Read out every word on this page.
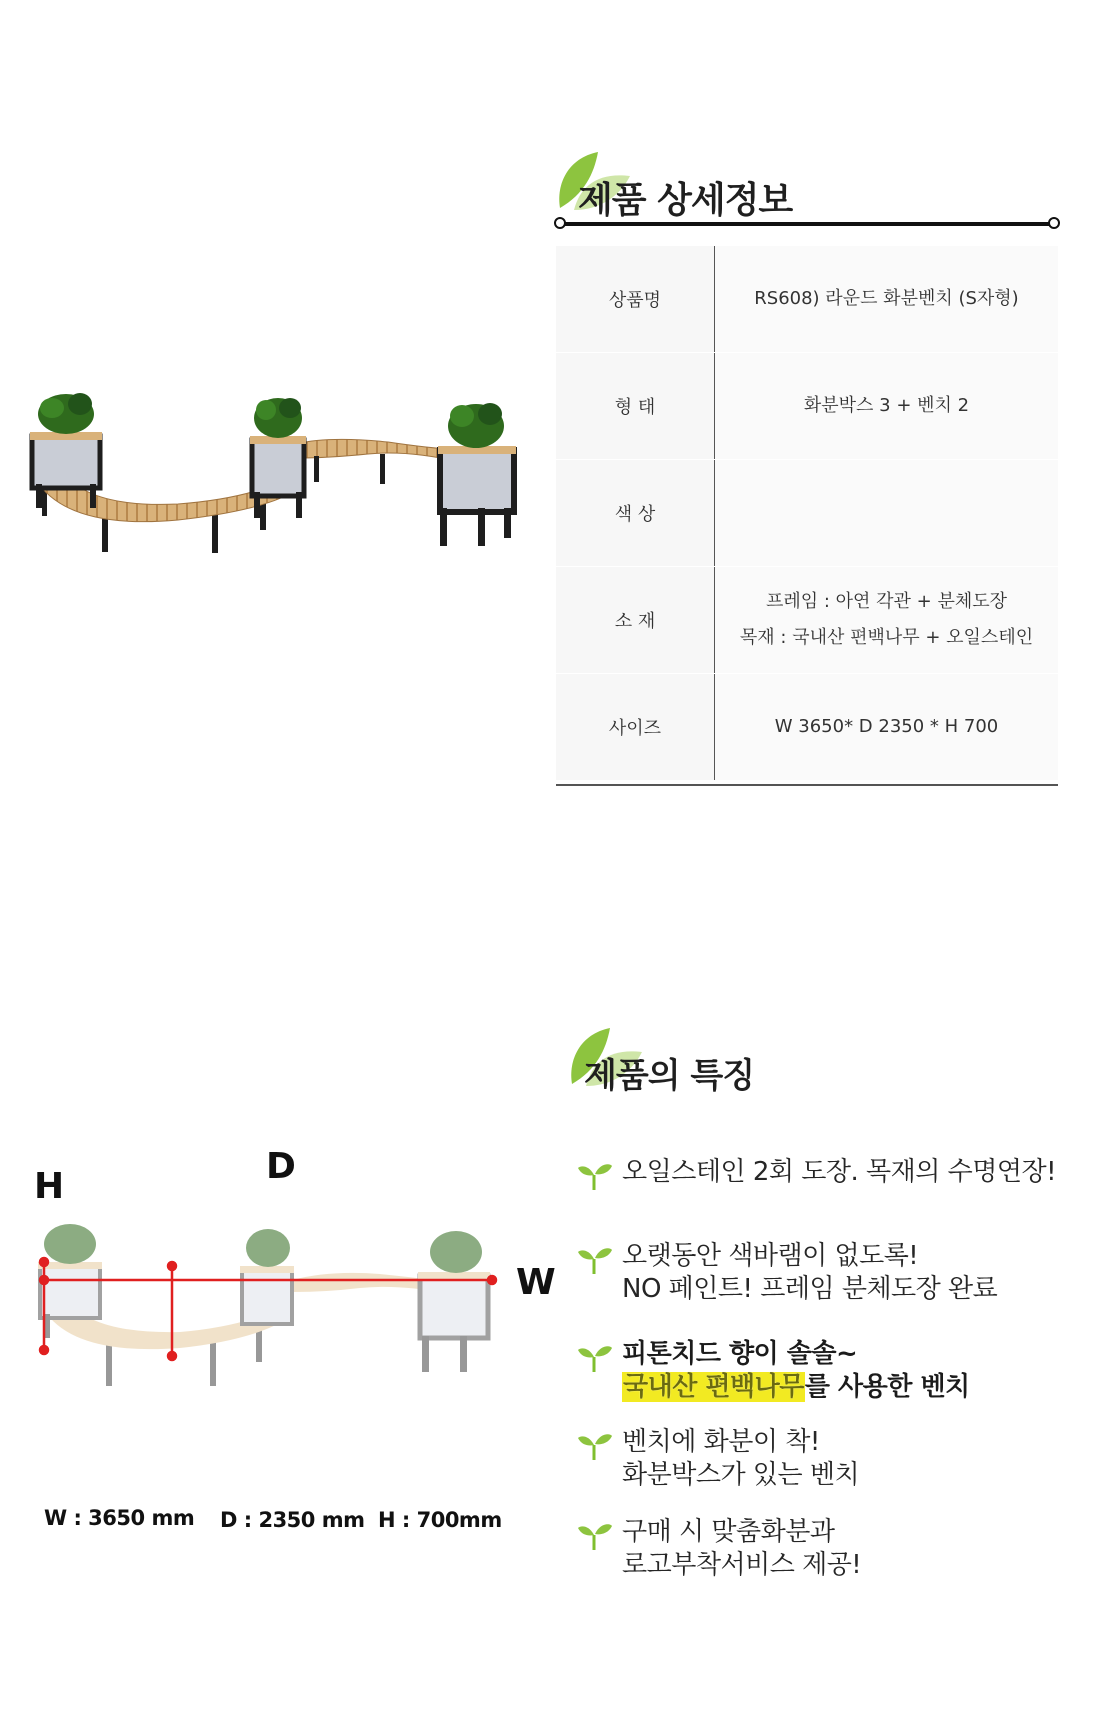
제품 상세정보
상품명	RS608) 라운드 화분벤치 (S자형)
형 태	화분박스 3 + 벤치 2
색 상	
소 재	프레임 : 아연 각관 + 분체도장
목재 : 국내산 편백나무 + 오일스테인

사이즈	W 3650* D 2350 * H 700
제품의 특징
H	D
W
W : 3650 mm D : 2350 mm H : 700mm
오일스테인 2회 도장. 목재의 수명연장!
오랫동안 색바램이 없도록!
NO 페인트! 프레임 분체도장 완료
피톤치드 향이 솔솔~
국내산 편백나무를 사용한 벤치
벤치에 화분이 착!
화분박스가 있는 벤치
구매 시 맞춤화분과
로고부착서비스 제공!
